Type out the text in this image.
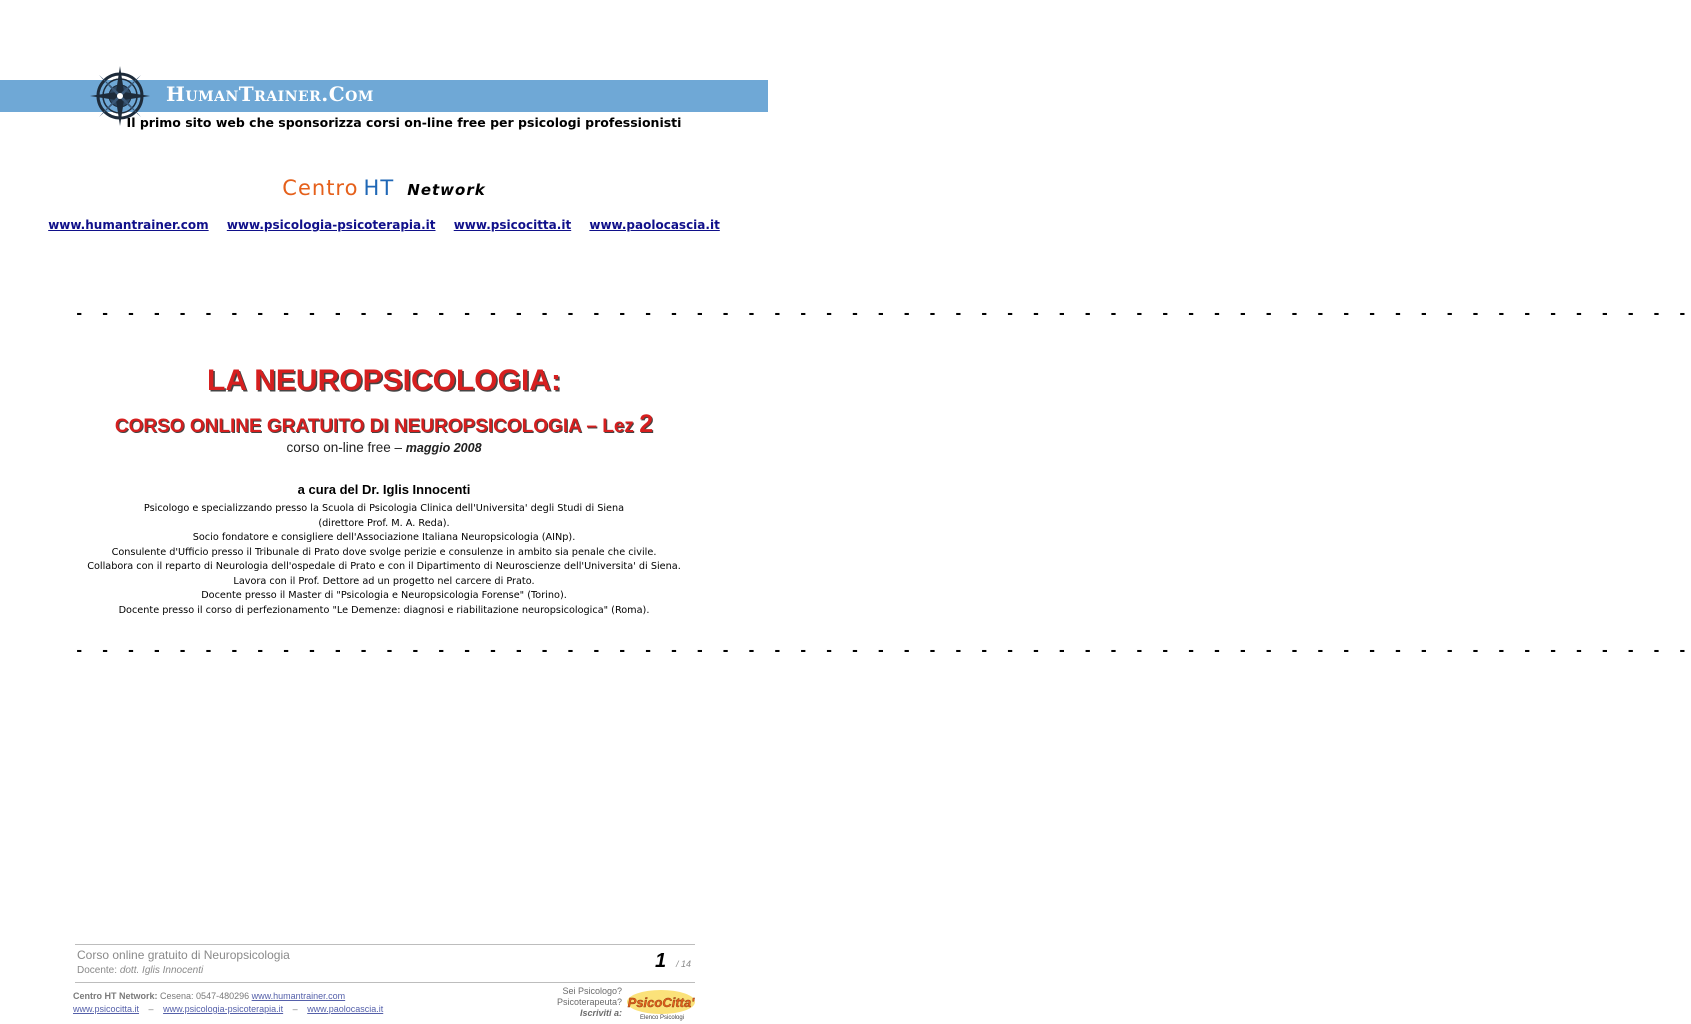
HumanTrainer.Com
Il primo sito web che sponsorizza corsi on-line free per psicologi professionisti
Centro HT Network
www.humantrainer.com www.psicologia-psicoterapia.it www.psicocitta.it www.paolocascia.it
- - - - - - - - - - - - - - - - - - - - - - - - - - - - - - - - - - - - - - - - - - - - - - - - - - - - - - - - - - - - - - -
LA NEUROPSICOLOGIA:
CORSO ONLINE GRATUITO DI NEUROPSICOLOGIA – Lez 2
corso on-line free – maggio 2008
a cura del Dr. Iglis Innocenti
Psicologo e specializzando presso la Scuola di Psicologia Clinica dell'Universita' degli Studi di Siena
(direttore Prof. M. A. Reda).
Socio fondatore e consigliere dell'Associazione Italiana Neuropsicologia (AINp).
Consulente d'Ufficio presso il Tribunale di Prato dove svolge perizie e consulenze in ambito sia penale che civile.
Collabora con il reparto di Neurologia dell'ospedale di Prato e con il Dipartimento di Neuroscienze dell'Universita' di Siena.
Lavora con il Prof. Dettore ad un progetto nel carcere di Prato.
Docente presso il Master di "Psicologia e Neuropsicologia Forense" (Torino).
Docente presso il corso di perfezionamento "Le Demenze: diagnosi e riabilitazione neuropsicologica" (Roma).
- - - - - - - - - - - - - - - - - - - - - - - - - - - - - - - - - - - - - - - - - - - - - - - - - - - - - - - - - - - - - - -
Corso online gratuito di Neuropsicologia
Docente: dott. Iglis Innocenti	1 / 14
Centro HT Network: Cesena: 0547-480296 www.humantrainer.com
www.psicocitta.it – www.psicologia-psicoterapia.it – www.paolocascia.it
Sei Psicologo?
Psicoterapeuta?
Iscriviti a:
PsicoCitta'
Elenco Psicologi
